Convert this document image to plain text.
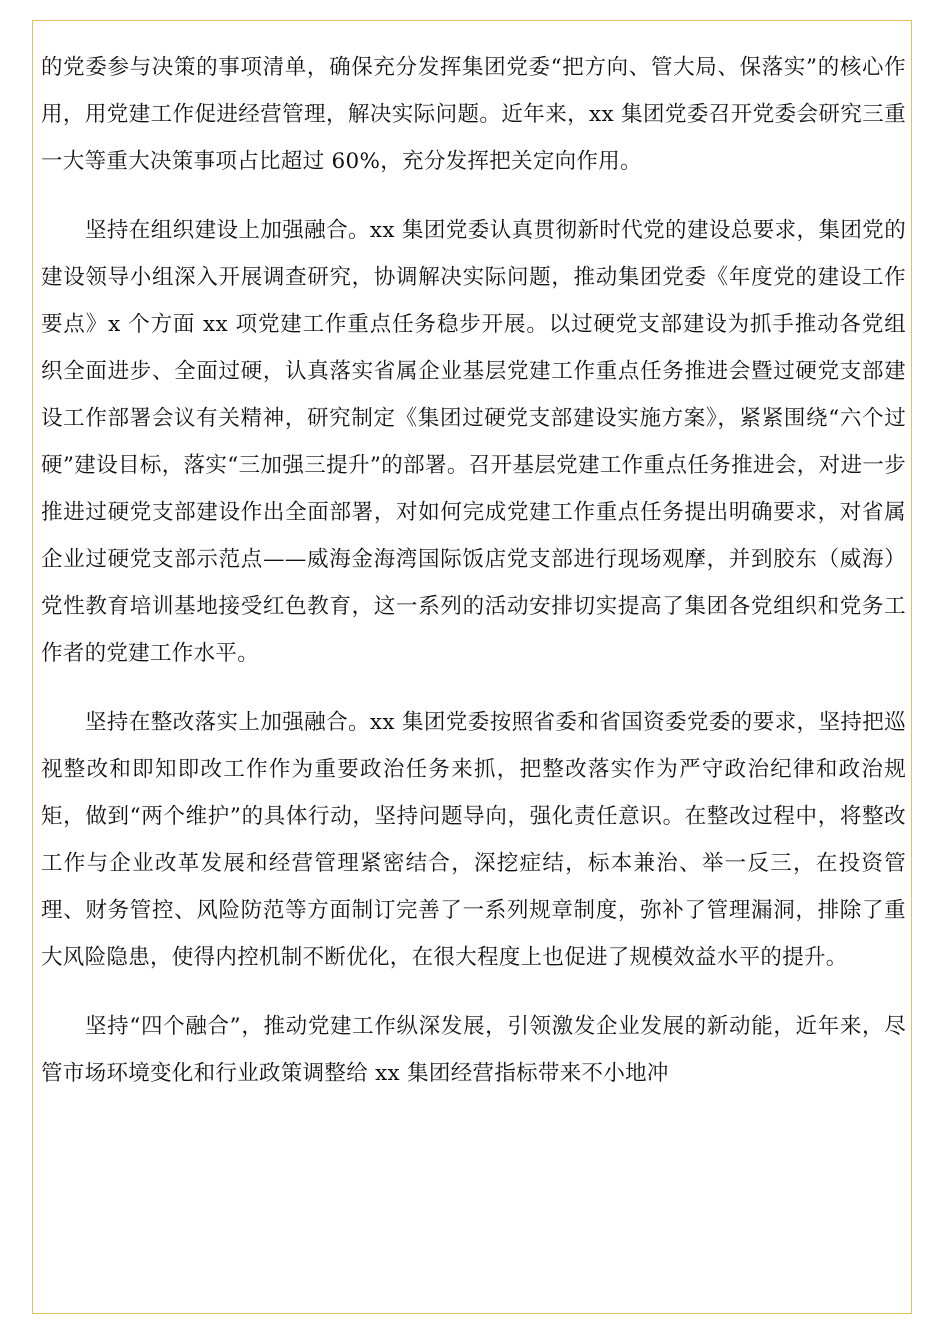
的党委参与决策的事项清单，确保充分发挥集团党委“把方向、管大局、保落实”的核心作用，用党建工作促进经营管理，解决实际问题。近年来，xx 集团党委召开党委会研究三重一大等重大决策事项占比超过 60%，充分发挥把关定向作用。

坚持在组织建设上加强融合。xx 集团党委认真贯彻新时代党的建设总要求，集团党的建设领导小组深入开展调查研究，协调解决实际问题，推动集团党委《年度党的建设工作要点》x 个方面 xx 项党建工作重点任务稳步开展。以过硬党支部建设为抓手推动各党组织全面进步、全面过硬，认真落实省属企业基层党建工作重点任务推进会暨过硬党支部建设工作部署会议有关精神，研究制定《集团过硬党支部建设实施方案》，紧紧围绕“六个过硬”建设目标，落实“三加强三提升”的部署。召开基层党建工作重点任务推进会，对进一步推进过硬党支部建设作出全面部署，对如何完成党建工作重点任务提出明确要求，对省属企业过硬党支部示范点——威海金海湾国际饭店党支部进行现场观摩，并到胶东（威海）党性教育培训基地接受红色教育，这一系列的活动安排切实提高了集团各党组织和党务工作者的党建工作水平。

坚持在整改落实上加强融合。xx 集团党委按照省委和省国资委党委的要求，坚持把巡视整改和即知即改工作作为重要政治任务来抓，把整改落实作为严守政治纪律和政治规矩，做到“两个维护”的具体行动，坚持问题导向，强化责任意识。在整改过程中，将整改工作与企业改革发展和经营管理紧密结合，深挖症结，标本兼治、举一反三，在投资管理、财务管控、风险防范等方面制订完善了一系列规章制度，弥补了管理漏洞，排除了重大风险隐患，使得内控机制不断优化，在很大程度上也促进了规模效益水平的提升。

坚持“四个融合”，推动党建工作纵深发展，引领激发企业发展的新动能，近年来，尽管市场环境变化和行业政策调整给 xx 集团经营指标带来不小地冲
